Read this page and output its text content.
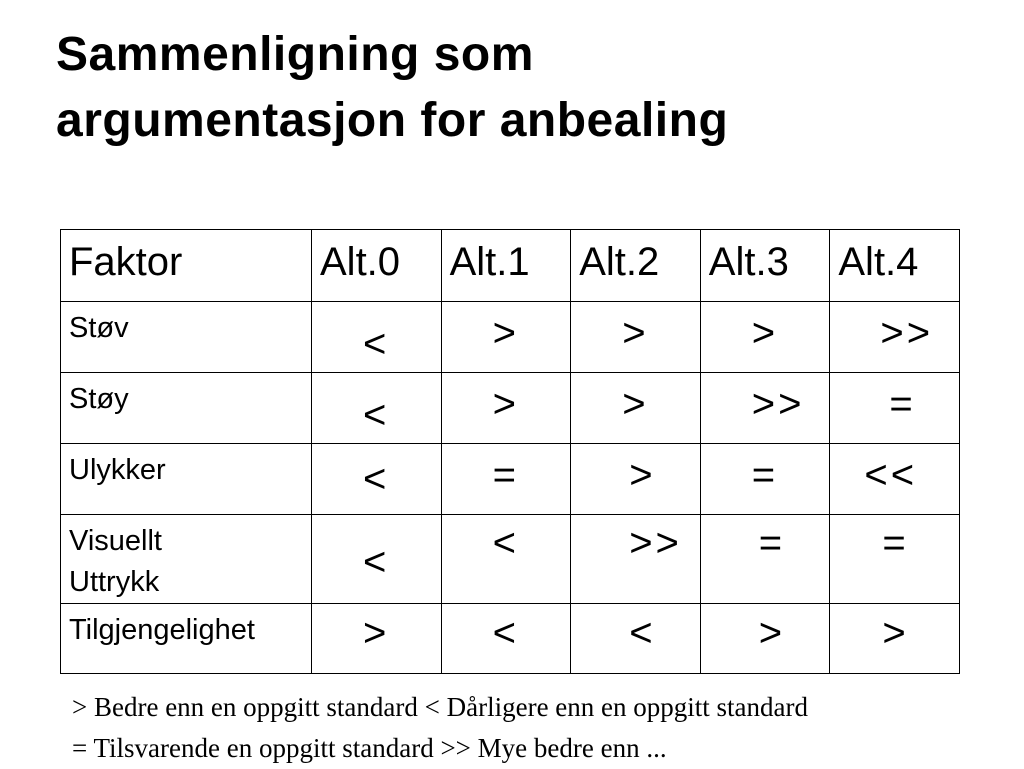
Sammenligning som
argumentasjon for anbealing
Faktor	Alt.0	Alt.1	Alt.2	Alt.3	Alt.4

Støv	<	>	>	>	>>

Støy	<	>	>	>>	=

Ulykker	<	=	>	=	<<

Visuellt
Uttrykk	<	<	>>	=	=

Tilgjengelighet	>	<	<	>	>
> Bedre enn en oppgitt standard < Dårligere enn en oppgitt standard
= Tilsvarende en oppgitt standard >> Mye bedre enn ...
